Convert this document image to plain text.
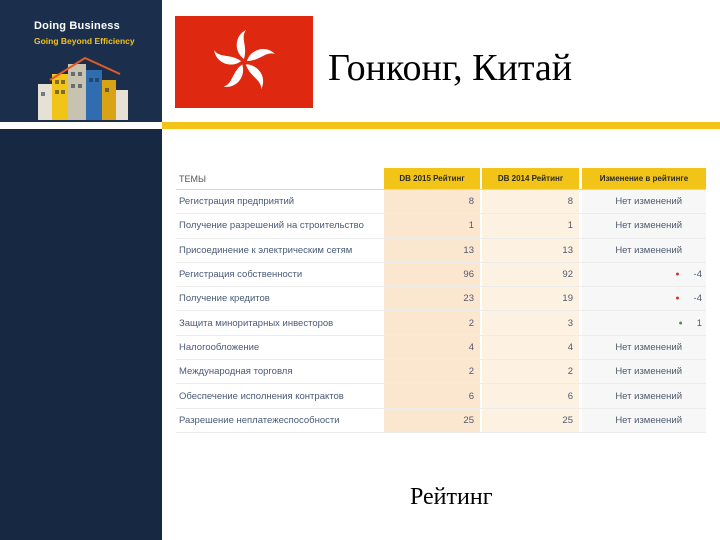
Doing Business
Going Beyond Efficiency
Гонконг, Китай
ТЕМЫ	DB 2015 Рейтинг	DB 2014 Рейтинг	Изменение в рейтинге
Регистрация предприятий	8	8	Нет изменений
Получение разрешений на строительство	1	1	Нет изменений
Присоединение к электрическим сетям	13	13	Нет изменений
Регистрация собственности	96	92	● -4
Получение кредитов	23	19	● -4
Защита миноритарных инвесторов	2	3	● 1
Налогообложение	4	4	Нет изменений
Международная торговля	2	2	Нет изменений
Обеспечение исполнения контрактов	6	6	Нет изменений
Разрешение неплатежеспособности	25	25	Нет изменений
Рейтинг
